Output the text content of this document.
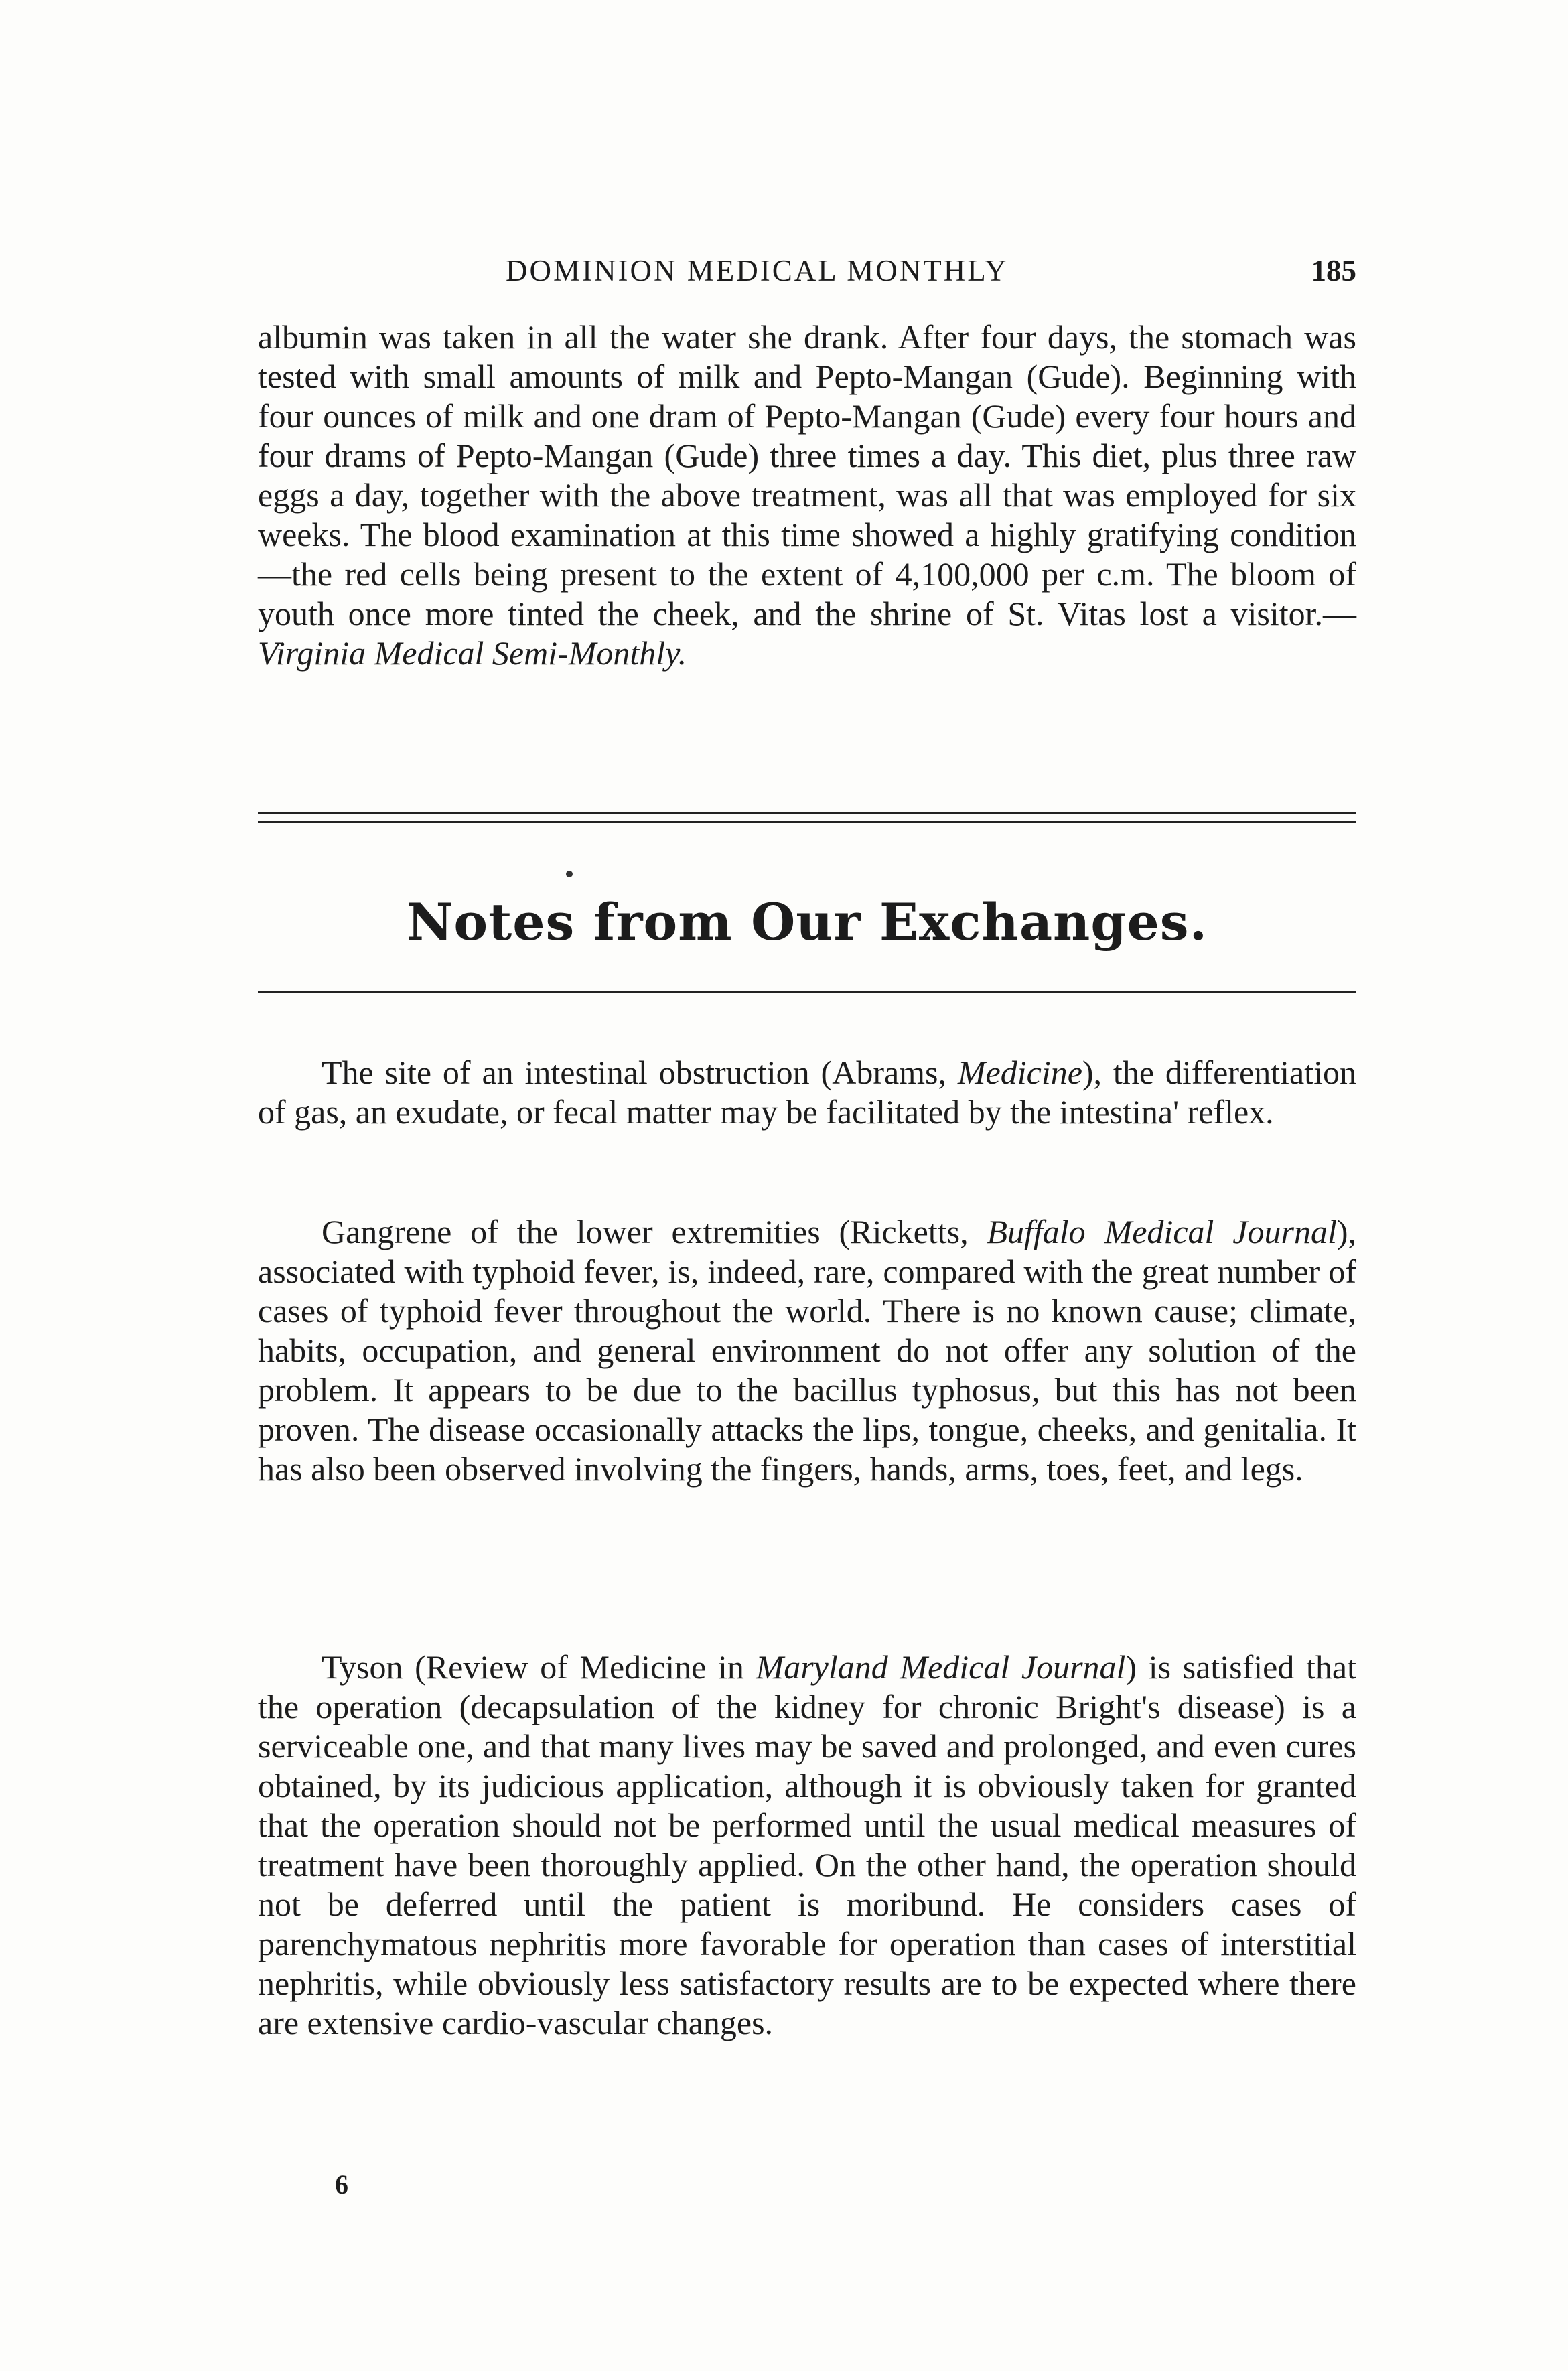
DOMINION MEDICAL MONTHLY	185

albumin was taken in all the water she drank. After four days, the stomach was tested with small amounts of milk and Pepto-Mangan (Gude). Beginning with four ounces of milk and one dram of Pepto-Mangan (Gude) every four hours and four drams of Pepto-Mangan (Gude) three times a day. This diet, plus three raw eggs a day, together with the above treatment, was all that was employed for six weeks. The blood examination at this time showed a highly gratifying condition—the red cells being present to the extent of 4,100,000 per c.m. The bloom of youth once more tinted the cheek, and the shrine of St. Vitas lost a visitor.—Virginia Medical Semi-Monthly.

Notes from Our Exchanges.

The site of an intestinal obstruction (Abrams, Medicine), the differentiation of gas, an exudate, or fecal matter may be facilitated by the intestina' reflex.

Gangrene of the lower extremities (Ricketts, Buffalo Medical Journal), associated with typhoid fever, is, indeed, rare, compared with the great number of cases of typhoid fever throughout the world. There is no known cause; climate, habits, occupation, and general environment do not offer any solution of the problem. It appears to be due to the bacillus typhosus, but this has not been proven. The disease occasionally attacks the lips, tongue, cheeks, and genitalia. It has also been observed involving the fingers, hands, arms, toes, feet, and legs.

Tyson (Review of Medicine in Maryland Medical Journal) is satisfied that the operation (decapsulation of the kidney for chronic Bright's disease) is a serviceable one, and that many lives may be saved and prolonged, and even cures obtained, by its judicious application, although it is obviously taken for granted that the operation should not be performed until the usual medical measures of treatment have been thoroughly applied. On the other hand, the operation should not be deferred until the patient is moribund. He considers cases of parenchymatous nephritis more favorable for operation than cases of interstitial nephritis, while obviously less satisfactory results are to be expected where there are extensive cardio-vascular changes.

6
